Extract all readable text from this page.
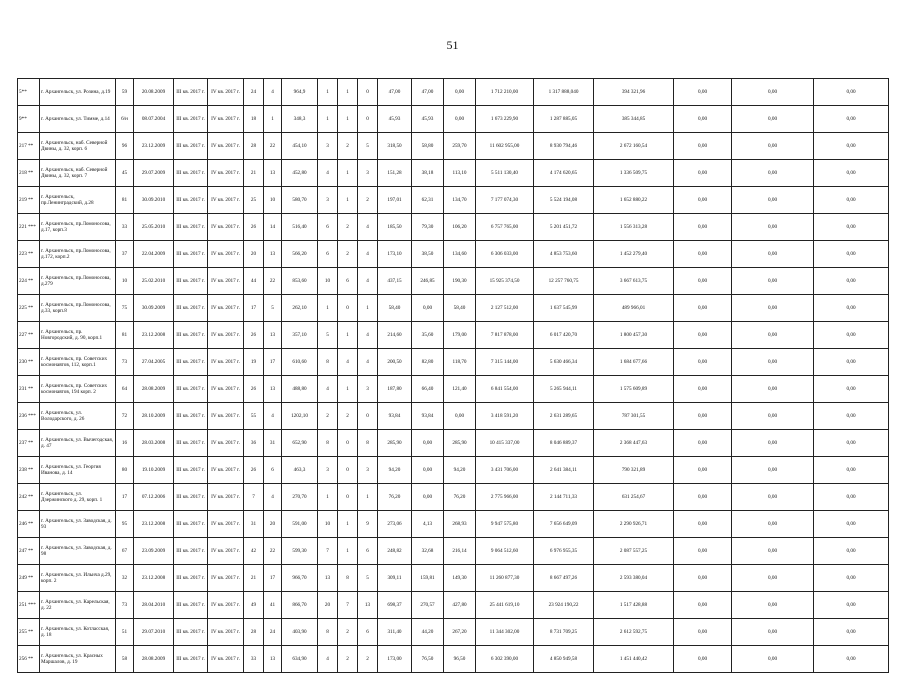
51
5**	г. Архангельск, ул. Розина, д.19	59	20.08.2009	III кв. 2017 г.	IV кв. 2017 г.	24	4	964,9	1	1	0	47,00	47,00	0,00	1 712 210,00	1 317 888,040	394 321,96	0,00	0,00	0,00
9**	г. Архангельск, ул. Тимме, д.14	6/н	08.07.2004	III кв. 2017 г.	IV кв. 2017 г.	18	1	348,3	1	1	0	45,93	45,93	0,00	1 673 229,90	1 287 885,05	385 344,85	0,00	0,00	0,00
217 **	г. Архангельск, наб. Северной Двины, д. 32, корп. 6	96	23.12.2009	III кв. 2017 г.	IV кв. 2017 г.	28	22	454,10	3	2	5	318,50	58,80	259,70	11 602 955,00	8 930 794,46	2 672 160,54	0,00	0,00	0,00
218 **	г. Архангельск, наб. Северной Двины, д. 32, корп. 7	45	29.07.2009	III кв. 2017 г.	IV кв. 2017 г.	21	13	452,80	4	1	3	151,28	38,18	113,10	5 511 130,40	4 174 620,65	1 336 509,75	0,00	0,00	0,00
219 **	г. Архангельск, пр.Ленинградский, д.28	81	30.09.2010	III кв. 2017 г.	IV кв. 2017 г.	25	10	580,70	3	1	2	197,01	62,31	134,70	7 177 074,30	5 524 194,08	1 652 880,22	0,00	0,00	0,00
221 ***	г. Архангельск, пр.Ломоносова, д.17, корп.3	33	25.05.2010	III кв. 2017 г.	IV кв. 2017 г.	26	14	516,40	6	2	4	185,50	79,30	106,20	6 757 765,00	5 201 451,72	1 556 313,28	0,00	0,00	0,00
223 **	г. Архангельск, пр.Ломоносова, д.172, корп.2	37	22.04.2009	III кв. 2017 г.	IV кв. 2017 г.	20	13	566,20	6	2	4	173,10	38,50	134,60	6 306 033,00	4 853 753,60	1 452 279,40	0,00	0,00	0,00
224 **	г. Архангельск, пр.Ломоносова, д.279	10	25.02.2010	III кв. 2017 г.	IV кв. 2017 г.	44	22	853,60	10	6	4	437,15	246,85	190,30	15 925 374,50	12 257 760,75	3 667 613,75	0,00	0,00	0,00
225 **	г. Архангельск, пр.Ломоносова, д.33, корп.8	75	30.09.2009	III кв. 2017 г.	IV кв. 2017 г.	17	5	262,10	1	0	1	58,40	0,00	58,40	2 127 512,00	1 637 545,99	489 966,01	0,00	0,00	0,00
227 **	г. Архангельск, пр. Новгородский, д. 90, корп.1	81	23.12.2008	III кв. 2017 г.	IV кв. 2017 г.	26	13	357,10	5	1	4	214,60	35,60	179,00	7 817 878,00	6 017 420,70	1 800 457,30	0,00	0,00	0,00
230 **	г. Архангельск, пр. Советских космонавтов, 112, корп.1	73	27.04.2005	III кв. 2017 г.	IV кв. 2017 г.	19	17	610,60	8	4	4	200,50	82,80	118,70	7 315 144,00	5 630 466,34	1 684 677,66	0,00	0,00	0,00
231 **	г. Архангельск, пр. Советских космонавтов, 194 корп. 2	64	28.08.2009	III кв. 2017 г.	IV кв. 2017 г.	26	13	488,80	4	1	3	187,80	66,40	121,40	6 841 554,00	5 265 944,11	1 575 609,89	0,00	0,00	0,00
236 ***	г. Архангельск, ул. Володарского, д. 26	72	28.10.2009	III кв. 2017 г.	IV кв. 2017 г.	55	4	1202,10	2	2	0	93,84	93,84	0,00	3 418 591,20	2 631 289,65	787 301,55	0,00	0,00	0,00
237 **	г. Архангельск, ул. Вычегодская, д. 47	16	28.03.2008	III кв. 2017 г.	IV кв. 2017 г.	36	31	652,90	8	0	8	285,90	0,00	285,90	10 415 337,00	8 046 889,37	2 368 447,63	0,00	0,00	0,00
238 **	г. Архангельск, ул. Георгия Иванова, д. 14	80	19.10.2009	III кв. 2017 г.	IV кв. 2017 г.	26	6	463,3	3	0	3	94,20	0,00	94,20	3 431 706,00	2 641 384,11	790 321,89	0,00	0,00	0,00
242 **	г. Архангельск, ул. Дзержинского д. 29, корп. 1	17	07.12.2006	III кв. 2017 г.	IV кв. 2017 г.	7	4	270,70	1	0	1	76,20	0,00	76,20	2 775 966,00	2 144 711,33	631 254,67	0,00	0,00	0,00
246 **	г. Архангельск, ул. Заводская, д. 93	95	23.12.2008	III кв. 2017 г.	IV кв. 2017 г.	31	20	591,00	10	1	9	273,06	4,13	268,93	9 947 575,80	7 656 649,09	2 290 926,71	0,00	0,00	0,00
247 **	г. Архангельск, ул. Заводская, д. 98	67	23.09.2009	III кв. 2017 г.	IV кв. 2017 г.	42	22	599,30	7	1	6	248,82	32,68	216,14	9 064 512,60	6 976 955,35	2 087 557,25	0,00	0,00	0,00
249 **	г. Архангельск, ул. Ильича д.29, корп. 2	32	23.12.2008	III кв. 2017 г.	IV кв. 2017 г.	21	17	966,70	13	8	5	309,11	159,81	149,30	11 260 877,30	8 667 497,26	2 593 380,04	0,00	0,00	0,00
251 ***	г. Архангельск, ул. Карельская, д. 22	73	28.04.2010	III кв. 2017 г.	IV кв. 2017 г.	49	41	866,70	20	7	13	698,37	270,57	427,80	25 441 619,10	23 924 190,22	1 517 428,88	0,00	0,00	0,00
255 **	г. Архангельск, ул. Котласская, д. 18	51	29.07.2010	III кв. 2017 г.	IV кв. 2017 г.	28	24	403,90	8	2	6	311,40	44,20	267,20	11 344 302,00	8 731 709,25	2 612 592,75	0,00	0,00	0,00
256 **	г. Архангельск, ул. Красных Маршалов, д. 19	58	28.08.2009	III кв. 2017 г.	IV кв. 2017 г.	33	13	634,90	4	2	2	173,00	76,50	96,50	6 302 390,00	4 850 949,58	1 451 440,42	0,00	0,00	0,00
